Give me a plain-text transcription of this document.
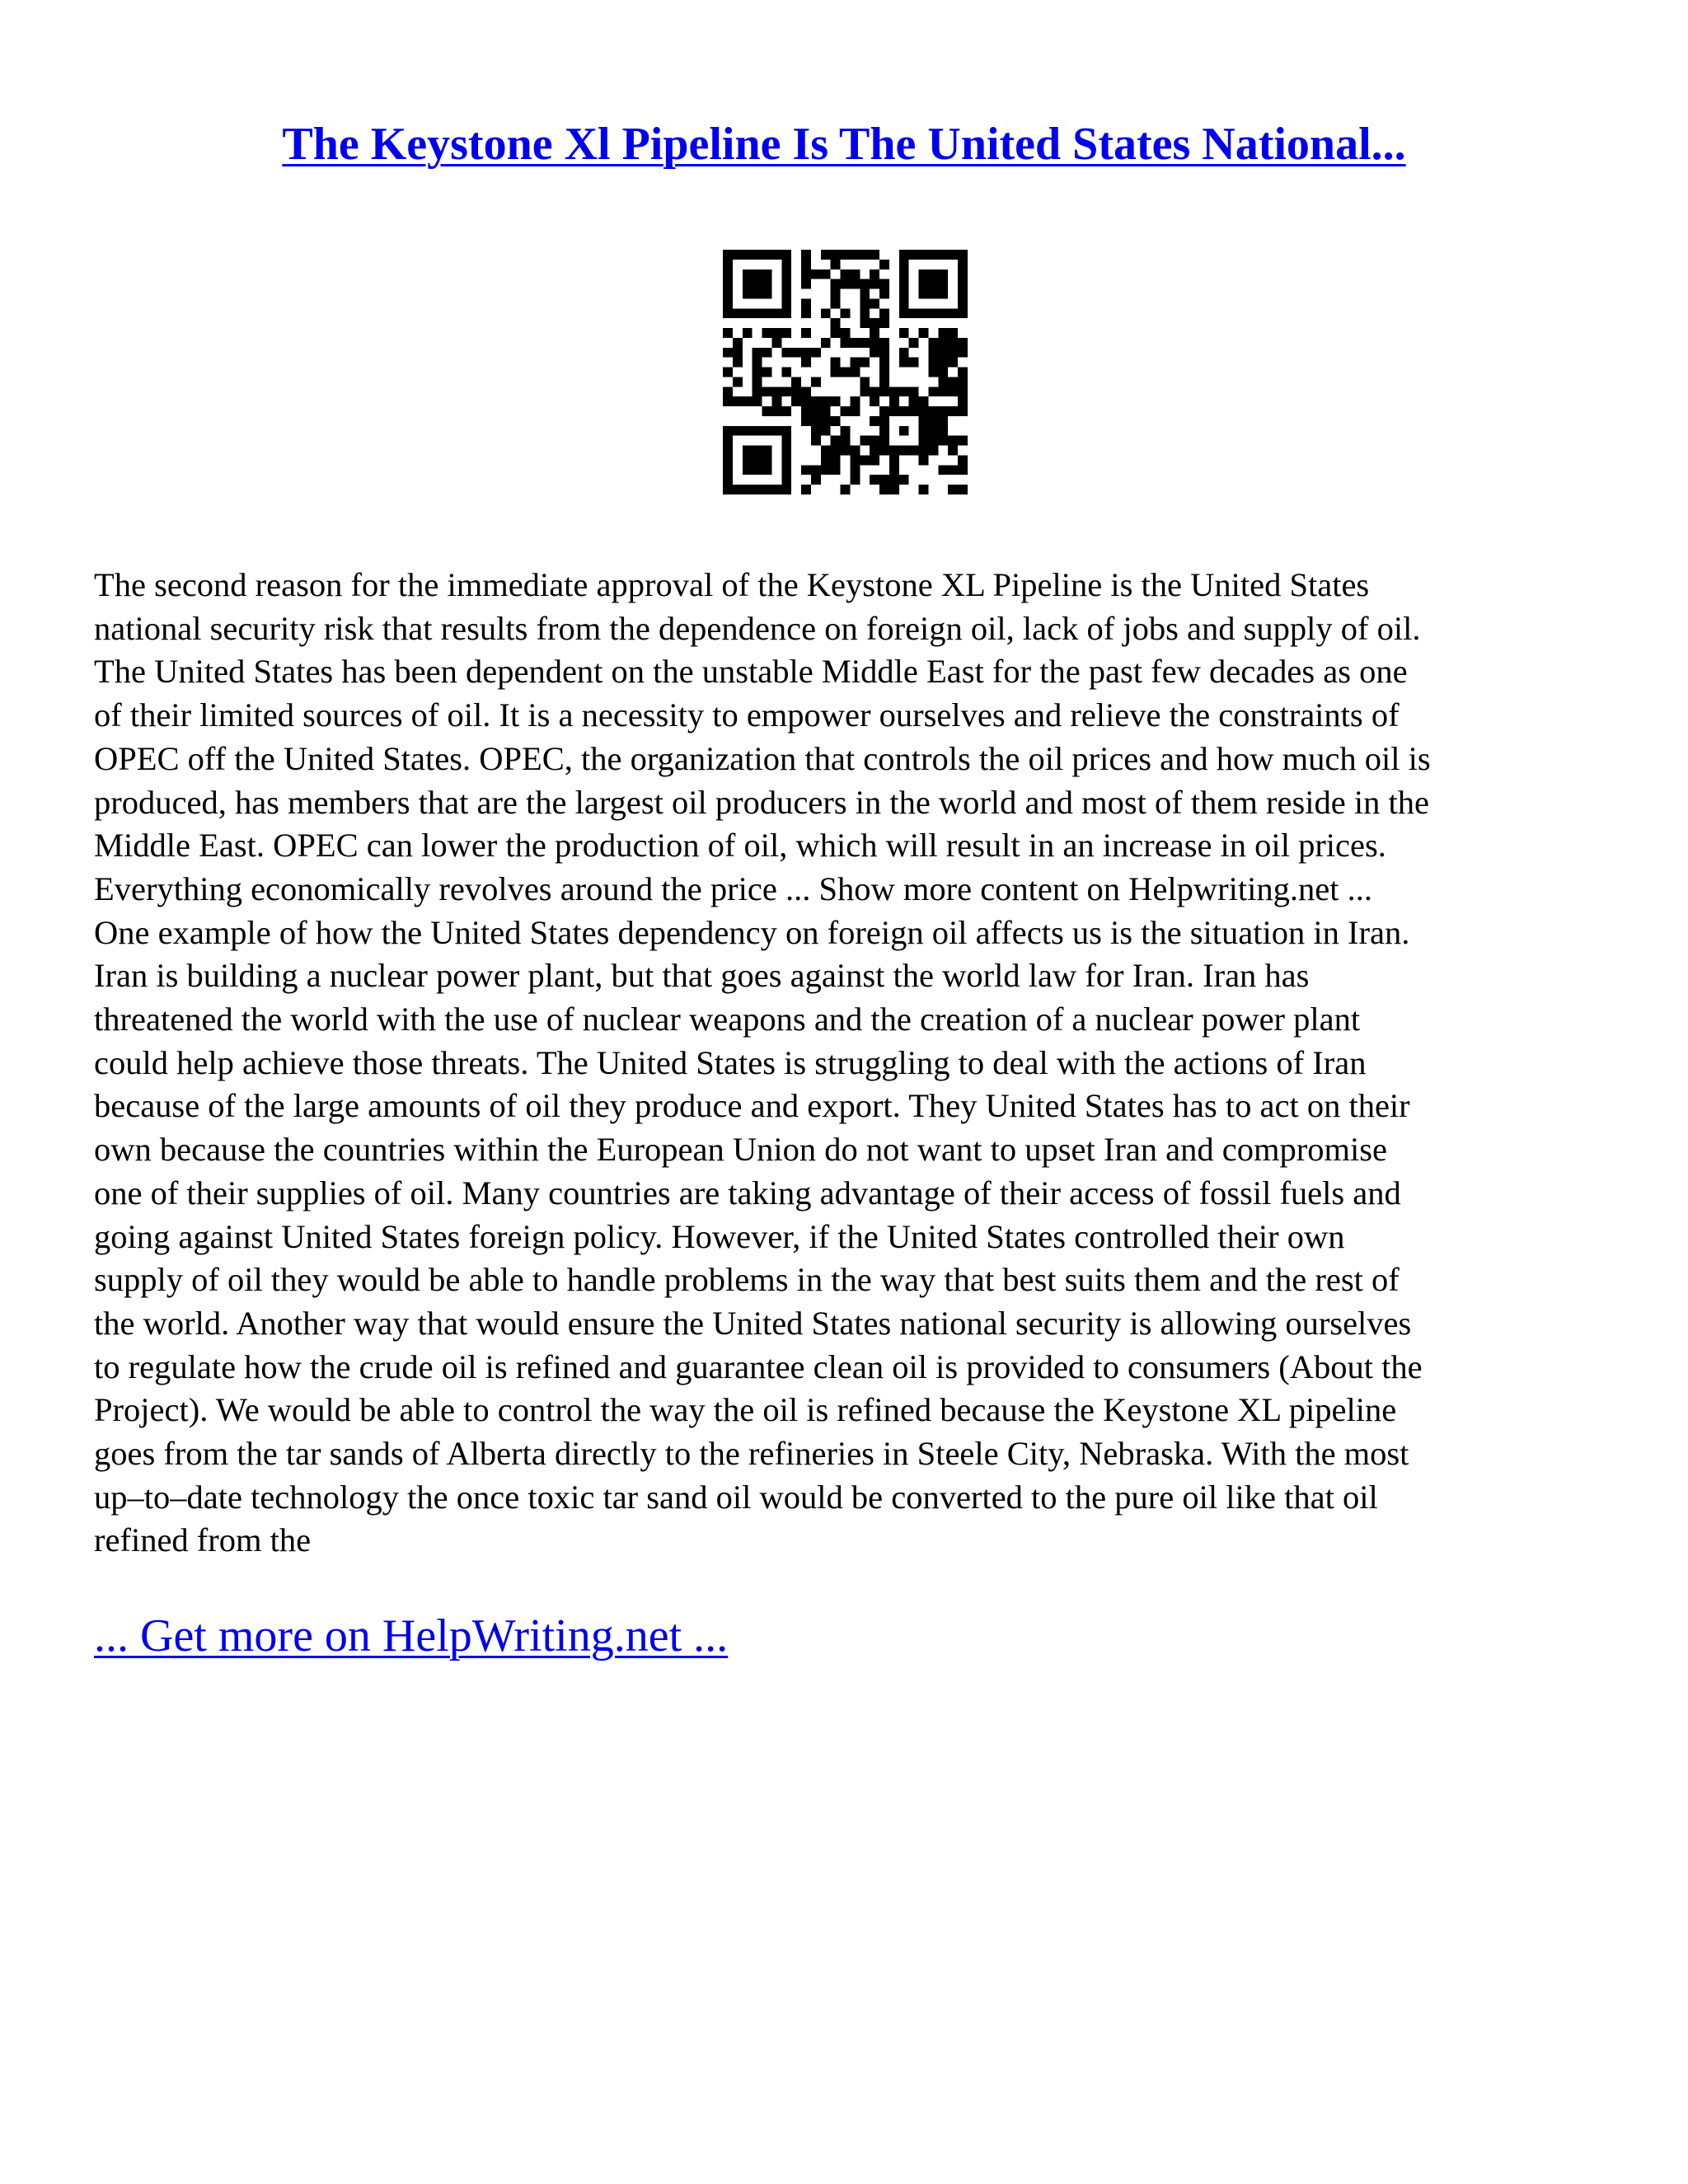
The Keystone Xl Pipeline Is The United States National...
The second reason for the immediate approval of the Keystone XL Pipeline is the United States
national security risk that results from the dependence on foreign oil, lack of jobs and supply of oil.
The United States has been dependent on the unstable Middle East for the past few decades as one
of their limited sources of oil. It is a necessity to empower ourselves and relieve the constraints of
OPEC off the United States. OPEC, the organization that controls the oil prices and how much oil is
produced, has members that are the largest oil producers in the world and most of them reside in the
Middle East. OPEC can lower the production of oil, which will result in an increase in oil prices.
Everything economically revolves around the price ... Show more content on Helpwriting.net ...
One example of how the United States dependency on foreign oil affects us is the situation in Iran.
Iran is building a nuclear power plant, but that goes against the world law for Iran. Iran has
threatened the world with the use of nuclear weapons and the creation of a nuclear power plant
could help achieve those threats. The United States is struggling to deal with the actions of Iran
because of the large amounts of oil they produce and export. They United States has to act on their
own because the countries within the European Union do not want to upset Iran and compromise
one of their supplies of oil. Many countries are taking advantage of their access of fossil fuels and
going against United States foreign policy. However, if the United States controlled their own
supply of oil they would be able to handle problems in the way that best suits them and the rest of
the world. Another way that would ensure the United States national security is allowing ourselves
to regulate how the crude oil is refined and guarantee clean oil is provided to consumers (About the
Project). We would be able to control the way the oil is refined because the Keystone XL pipeline
goes from the tar sands of Alberta directly to the refineries in Steele City, Nebraska. With the most
up–to–date technology the once toxic tar sand oil would be converted to the pure oil like that oil
refined from the

... Get more on HelpWriting.net ...
